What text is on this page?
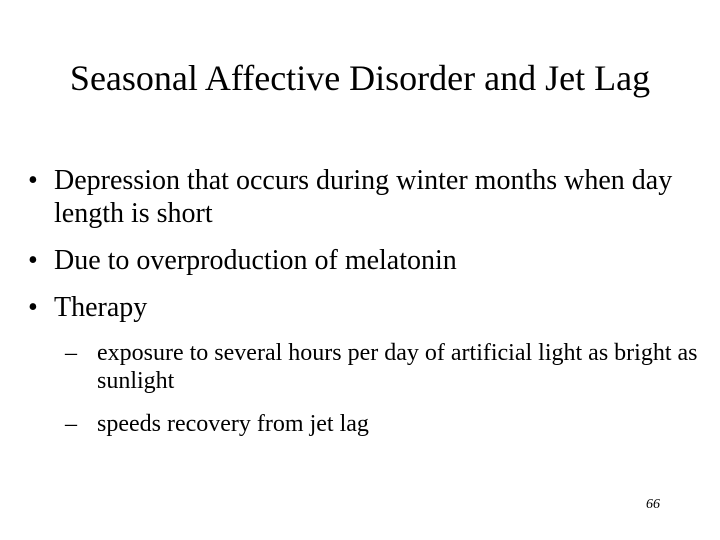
Seasonal Affective Disorder and Jet Lag
• Depression that occurs during winter months when day length is short
• Due to overproduction of melatonin
• Therapy
– exposure to several hours per day of artificial light as bright as sunlight
– speeds recovery from jet lag
66
